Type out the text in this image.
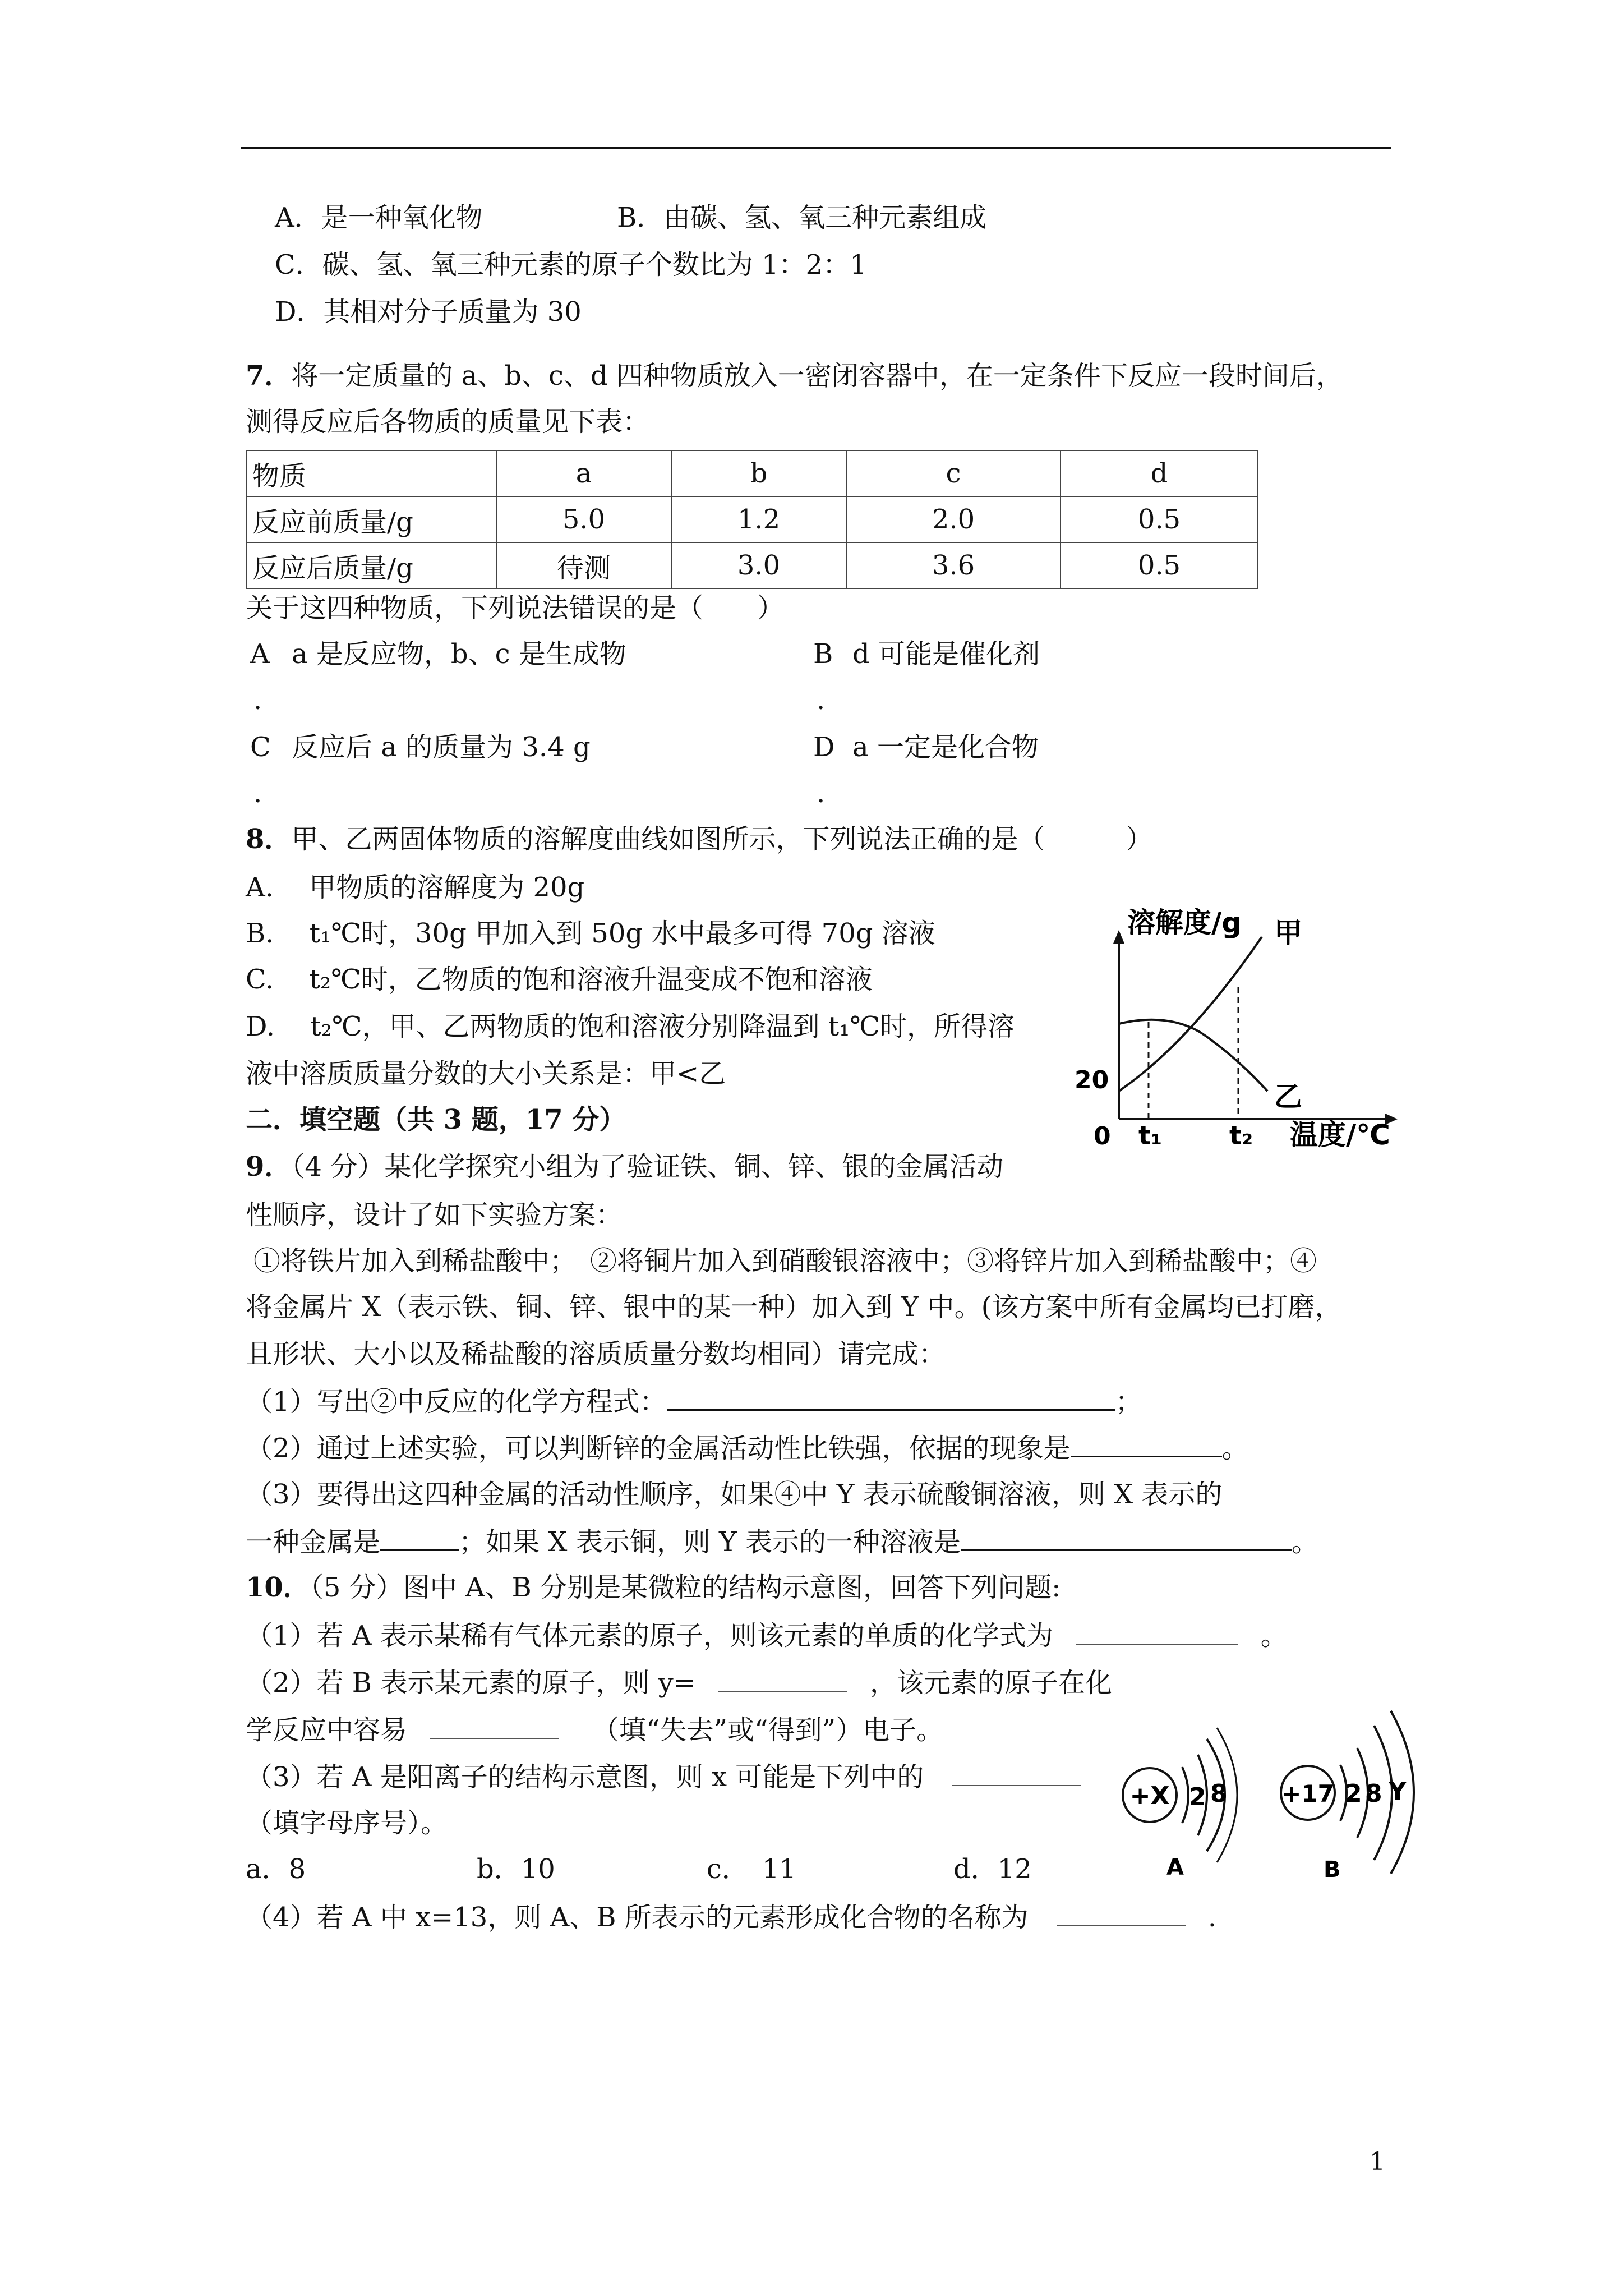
A．是一种氧化物	B．由碳、氢、氧三种元素组成
C．碳、氢、氧三种元素的原子个数比为 1：2：1
D．其相对分子质量为 30
7．将一定质量的 a、b、c、d 四种物质放入一密闭容器中，在一定条件下反应一段时间后，
测得反应后各物质的质量见下表：
物质	a	b	c	d
反应前质量/g	5.0	1.2	2.0	0.5
反应后质量/g	待测	3.0	3.6	0.5
关于这四种物质，下列说法错误的是（　　）
A a 是反应物，b、c 是生成物	B d 可能是催化剂
.	.
C 反应后 a 的质量为 3.4 g	D a 一定是化合物
.	.
8．甲、乙两固体物质的溶解度曲线如图所示，下列说法正确的是（　　　）
A.　 甲物质的溶解度为 20g
B.　 t₁℃时，30g 甲加入到 50g 水中最多可得 70g 溶液
C.　 t₂℃时，乙物质的饱和溶液升温变成不饱和溶液
D.　 t₂℃，甲、乙两物质的饱和溶液分别降温到 t₁℃时，所得溶
液中溶质质量分数的大小关系是：甲<乙
溶解度/g
温度/℃
0
20
t₁	t₂
甲
乙
二．填空题（共 3 题，17 分）
9．（4 分）某化学探究小组为了验证铁、铜、锌、银的金属活动
性顺序，设计了如下实验方案：
①将铁片加入到稀盐酸中；　②将铜片加入到硝酸银溶液中；③将锌片加入到稀盐酸中；④
将金属片 X（表示铁、铜、锌、银中的某一种）加入到 Y 中。(该方案中所有金属均已打磨，
且形状、大小以及稀盐酸的溶质质量分数均相同）请完成：
（1）写出②中反应的化学方程式：	；
（2）通过上述实验，可以判断锌的金属活动性比铁强，依据的现象是	。
（3）要得出这四种金属的活动性顺序，如果④中 Y 表示硫酸铜溶液，则 X 表示的
一种金属是	；如果 X 表示铜，则 Y 表示的一种溶液是	。
10．（5 分）图中 A、B 分别是某微粒的结构示意图，回答下列问题:
（1）若 A 表示某稀有气体元素的原子，则该元素的单质的化学式为	。
（2）若 B 表示某元素的原子，则 y=	，该元素的原子在化
学反应中容易	（填“失去”或“得到”）电子。
（3）若 A 是阳离子的结构示意图，则 x 可能是下列中的
（填字母序号）。
a．8	b．10	c．　11	d．12
（4）若 A 中 x=13，则 A、B 所表示的元素形成化合物的名称为	.
+X 2 8
A
+17 2 8 Y
B
1
